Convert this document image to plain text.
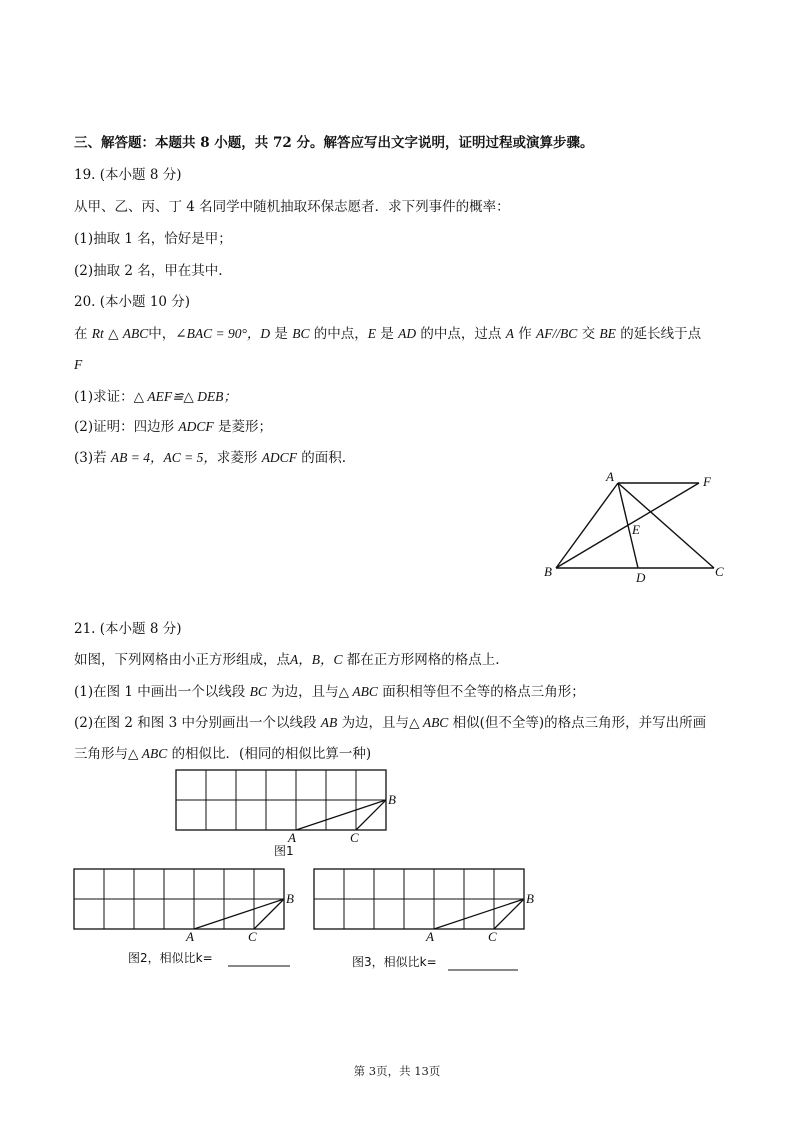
三、解答题：本题共 8 小题，共 72 分。解答应写出文字说明，证明过程或演算步骤。
19. (本小题 8 分)
从甲、乙、丙、丁 4 名同学中随机抽取环保志愿者．求下列事件的概率：
(1)抽取 1 名，恰好是甲；
(2)抽取 2 名，甲在其中.
20. (本小题 10 分)
在 Rt △ ABC中，∠BAC = 90°，D 是 BC 的中点，E 是 AD 的中点，过点 A 作 AF//BC 交 BE 的延长线于点
F
(1)求证：△ AEF≌△ DEB；
(2)证明：四边形 ADCF 是菱形；
(3)若 AB = 4，AC = 5，求菱形 ADCF 的面积.
A	F
E
B	D	C
21. (本小题 8 分)
如图，下列网格由小正方形组成，点A，B，C 都在正方形网格的格点上.
(1)在图 1 中画出一个以线段 BC 为边，且与△ ABC 面积相等但不全等的格点三角形；
(2)在图 2 和图 3 中分别画出一个以线段 AB 为边，且与△ ABC 相似(但不全等)的格点三角形，并写出所画
三角形与△ ABC 的相似比．(相同的相似比算一种)
B
A	C
图1
B
A	C
图2，相似比k=
B
A	C
图3，相似比k=
第 3页，共 13页
